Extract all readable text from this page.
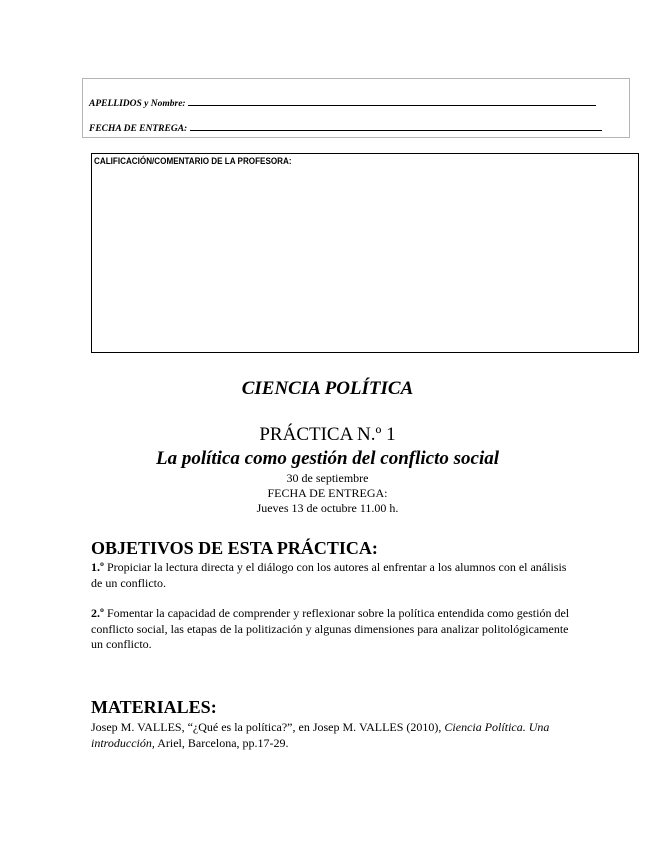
APELLIDOS y Nombre:
FECHA DE ENTREGA:
CALIFICACIÓN/COMENTARIO DE LA PROFESORA:
CIENCIA POLÍTICA
PRÁCTICA N.º 1
La política como gestión del conflicto social
30 de septiembre
FECHA DE ENTREGA:
Jueves 13 de octubre 11.00 h.
OBJETIVOS DE ESTA PRÁCTICA:
1.º Propiciar la lectura directa y el diálogo con los autores al enfrentar a los alumnos con el análisis de un conflicto.
2.º Fomentar la capacidad de comprender y reflexionar sobre la política entendida como gestión del conflicto social, las etapas de la politización y algunas dimensiones para analizar politológicamente un conflicto.
MATERIALES:
Josep M. VALLES, “¿Qué es la política?”, en Josep M. VALLES (2010), Ciencia Política. Una introducción, Ariel, Barcelona, pp.17-29.
